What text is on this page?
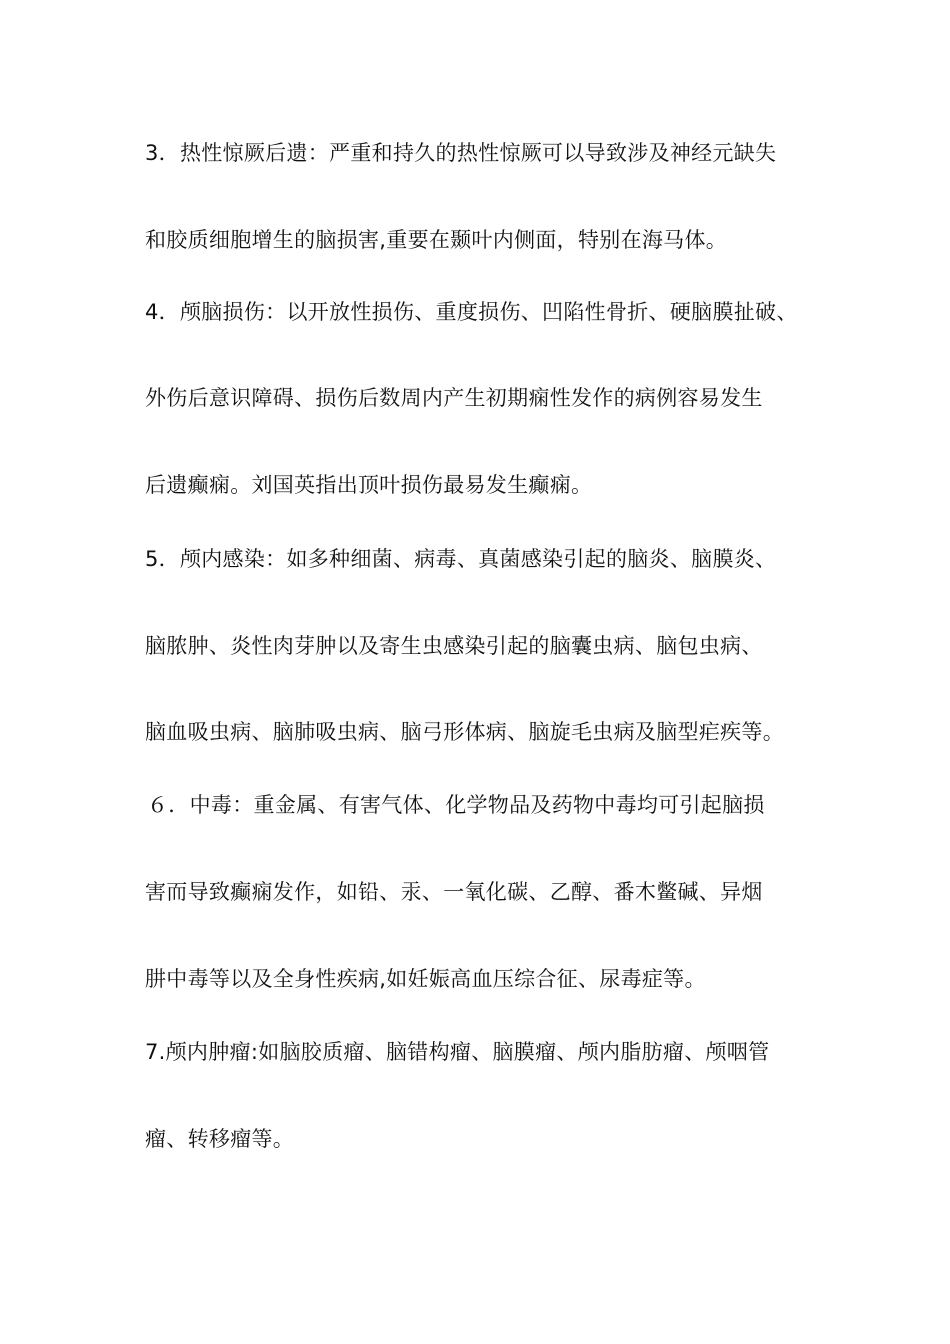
3．热性惊厥后遗：严重和持久的热性惊厥可以导致涉及神经元缺失
和胶质细胞增生的脑损害,重要在颞叶内侧面，特别在海马体。
4．颅脑损伤：以开放性损伤、重度损伤、凹陷性骨折、硬脑膜扯破、
外伤后意识障碍、损伤后数周内产生初期痫性发作的病例容易发生
后遗癫痫。刘国英指出顶叶损伤最易发生癫痫。
5．颅内感染：如多种细菌、病毒、真菌感染引起的脑炎、脑膜炎、
脑脓肿、炎性肉芽肿以及寄生虫感染引起的脑囊虫病、脑包虫病、
脑血吸虫病、脑肺吸虫病、脑弓形体病、脑旋毛虫病及脑型疟疾等。
６．中毒：重金属、有害气体、化学物品及药物中毒均可引起脑损
害而导致癫痫发作，如铅、汞、一氧化碳、乙醇、番木鳖碱、异烟
肼中毒等以及全身性疾病,如妊娠高血压综合征、尿毒症等。
7.颅内肿瘤:如脑胶质瘤、脑错构瘤、脑膜瘤、颅内脂肪瘤、颅咽管
瘤、转移瘤等。
